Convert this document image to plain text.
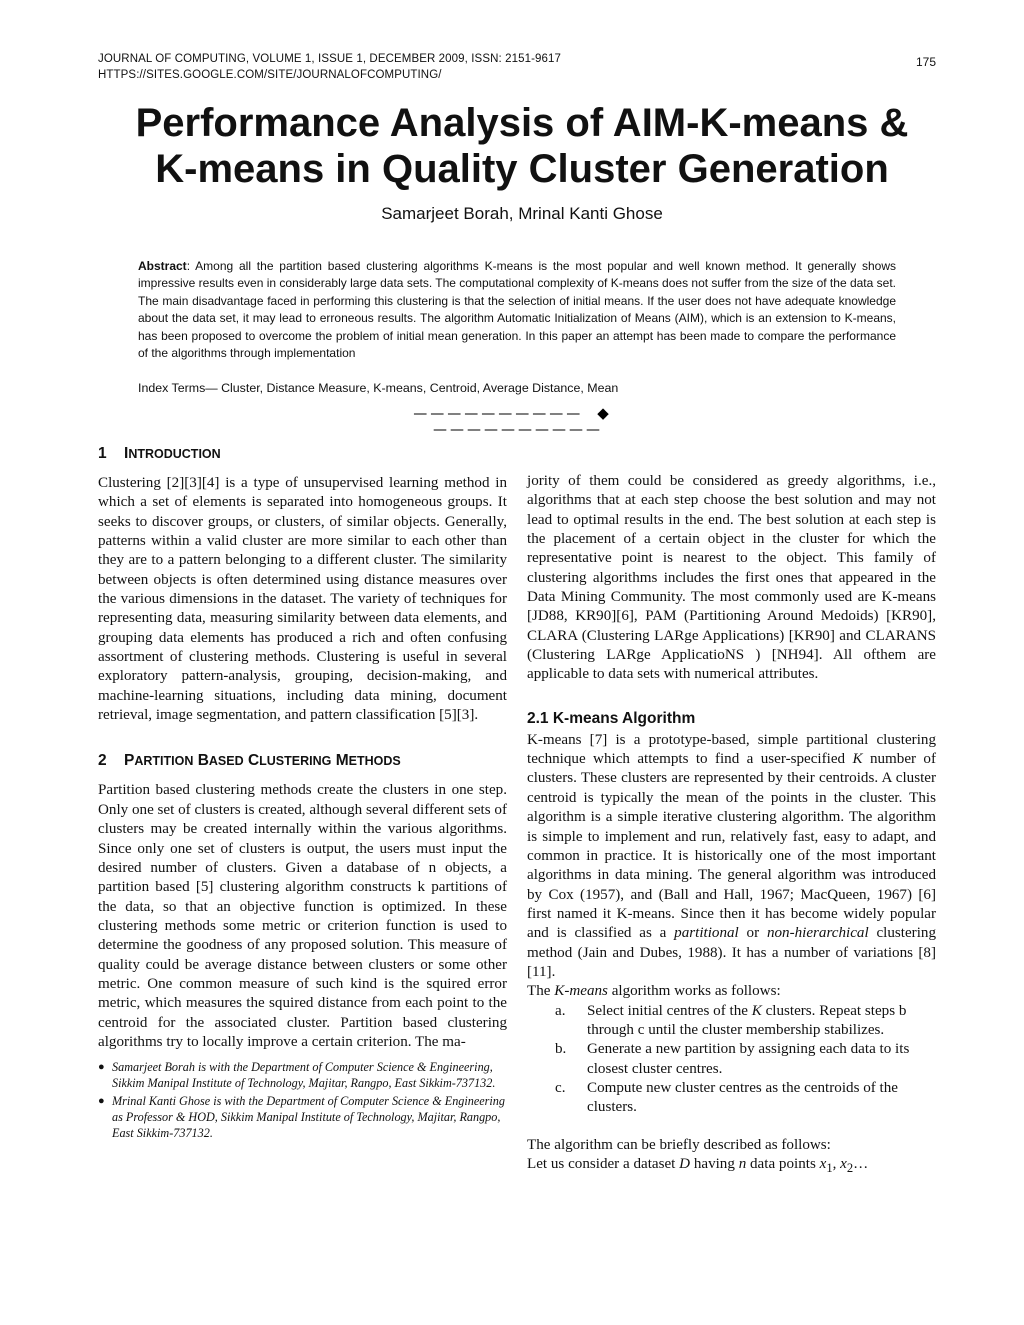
JOURNAL OF COMPUTING, VOLUME 1, ISSUE 1, DECEMBER 2009, ISSN: 2151-9617
HTTPS://SITES.GOOGLE.COM/SITE/JOURNALOFCOMPUTING/
175
Performance Analysis of AIM-K-means &
K-means in Quality Cluster Generation
Samarjeet Borah, Mrinal Kanti Ghose

Abstract: Among all the partition based clustering algorithms K-means is the most popular and well known method. It generally shows impressive results even in considerably large data sets. The computational complexity of K-means does not suffer from the size of the data set. The main disadvantage faced in performing this clustering is that the selection of initial means. If the user does not have adequate knowledge about the data set, it may lead to erroneous results. The algorithm Automatic Initialization of Means (AIM), which is an extension to K-means, has been proposed to overcome the problem of initial mean generation. In this paper an attempt has been made to compare the performance of the algorithms through implementation

Index Terms— Cluster, Distance Measure, K-means, Centroid, Average Distance, Mean

—————————— ◆——————————
1 INTRODUCTION

Clustering [2][3][4] is a type of unsupervised learning method in which a set of elements is separated into homogeneous groups. It seeks to discover groups, or clusters, of similar objects. Generally, patterns within a valid cluster are more similar to each other than they are to a pattern belonging to a different cluster. The similarity between objects is often determined using distance measures over the various dimensions in the dataset. The variety of techniques for representing data, measuring similarity between data elements, and grouping data elements has produced a rich and often confusing assortment of clustering methods. Clustering is useful in several exploratory pattern-analysis, grouping, decision-making, and machine-learning situations, including data mining, document retrieval, image segmentation, and pattern classification [5][3].

2 PARTITION BASED CLUSTERING METHODS

Partition based clustering methods create the clusters in one step. Only one set of clusters is created, although several different sets of clusters may be created internally within the various algorithms. Since only one set of clusters is output, the users must input the desired number of clusters. Given a database of n objects, a partition based [5] clustering algorithm constructs k partitions of the data, so that an objective function is optimized. In these clustering methods some metric or criterion function is used to determine the goodness of any proposed solution. This measure of quality could be average distance between clusters or some other metric. One common measure of such kind is the squired error metric, which measures the squired distance from each point to the centroid for the associated cluster. Partition based clustering algorithms try to locally improve a certain criterion. The ma-

● Samarjeet Borah is with the Department of Computer Science & Engineering, Sikkim Manipal Institute of Technology, Majitar, Rangpo, East Sikkim-737132.
● Mrinal Kanti Ghose is with the Department of Computer Science & Engineering as Professor & HOD, Sikkim Manipal Institute of Technology, Majitar, Rangpo, East Sikkim-737132.

jority of them could be considered as greedy algorithms, i.e., algorithms that at each step choose the best solution and may not lead to optimal results in the end. The best solution at each step is the placement of a certain object in the cluster for which the representative point is nearest to the object. This family of clustering algorithms includes the first ones that appeared in the Data Mining Community. The most commonly used are K-means [JD88, KR90][6], PAM (Partitioning Around Medoids) [KR90], CLARA (Clustering LARge Applications) [KR90] and CLARANS (Clustering LARge ApplicatioNS ) [NH94]. All ofthem are applicable to data sets with numerical attributes.

2.1 K-means Algorithm

K-means [7] is a prototype-based, simple partitional clustering technique which attempts to find a user-specified K number of clusters. These clusters are represented by their centroids. A cluster centroid is typically the mean of the points in the cluster. This algorithm is a simple iterative clustering algorithm. The algorithm is simple to implement and run, relatively fast, easy to adapt, and common in practice. It is historically one of the most important algorithms in data mining. The general algorithm was introduced by Cox (1957), and (Ball and Hall, 1967; MacQueen, 1967) [6] first named it K-means. Since then it has become widely popular and is classified as a partitional or non-hierarchical clustering method (Jain and Dubes, 1988). It has a number of variations [8][11].

The K-means algorithm works as follows:

a. Select initial centres of the K clusters. Repeat steps b through c until the cluster membership stabilizes.
b. Generate a new partition by assigning each data to its closest cluster centres.
c. Compute new cluster centres as the centroids of the clusters.

The algorithm can be briefly described as follows:

Let us consider a dataset D having n data points $x_1$, $x_2\dots$
